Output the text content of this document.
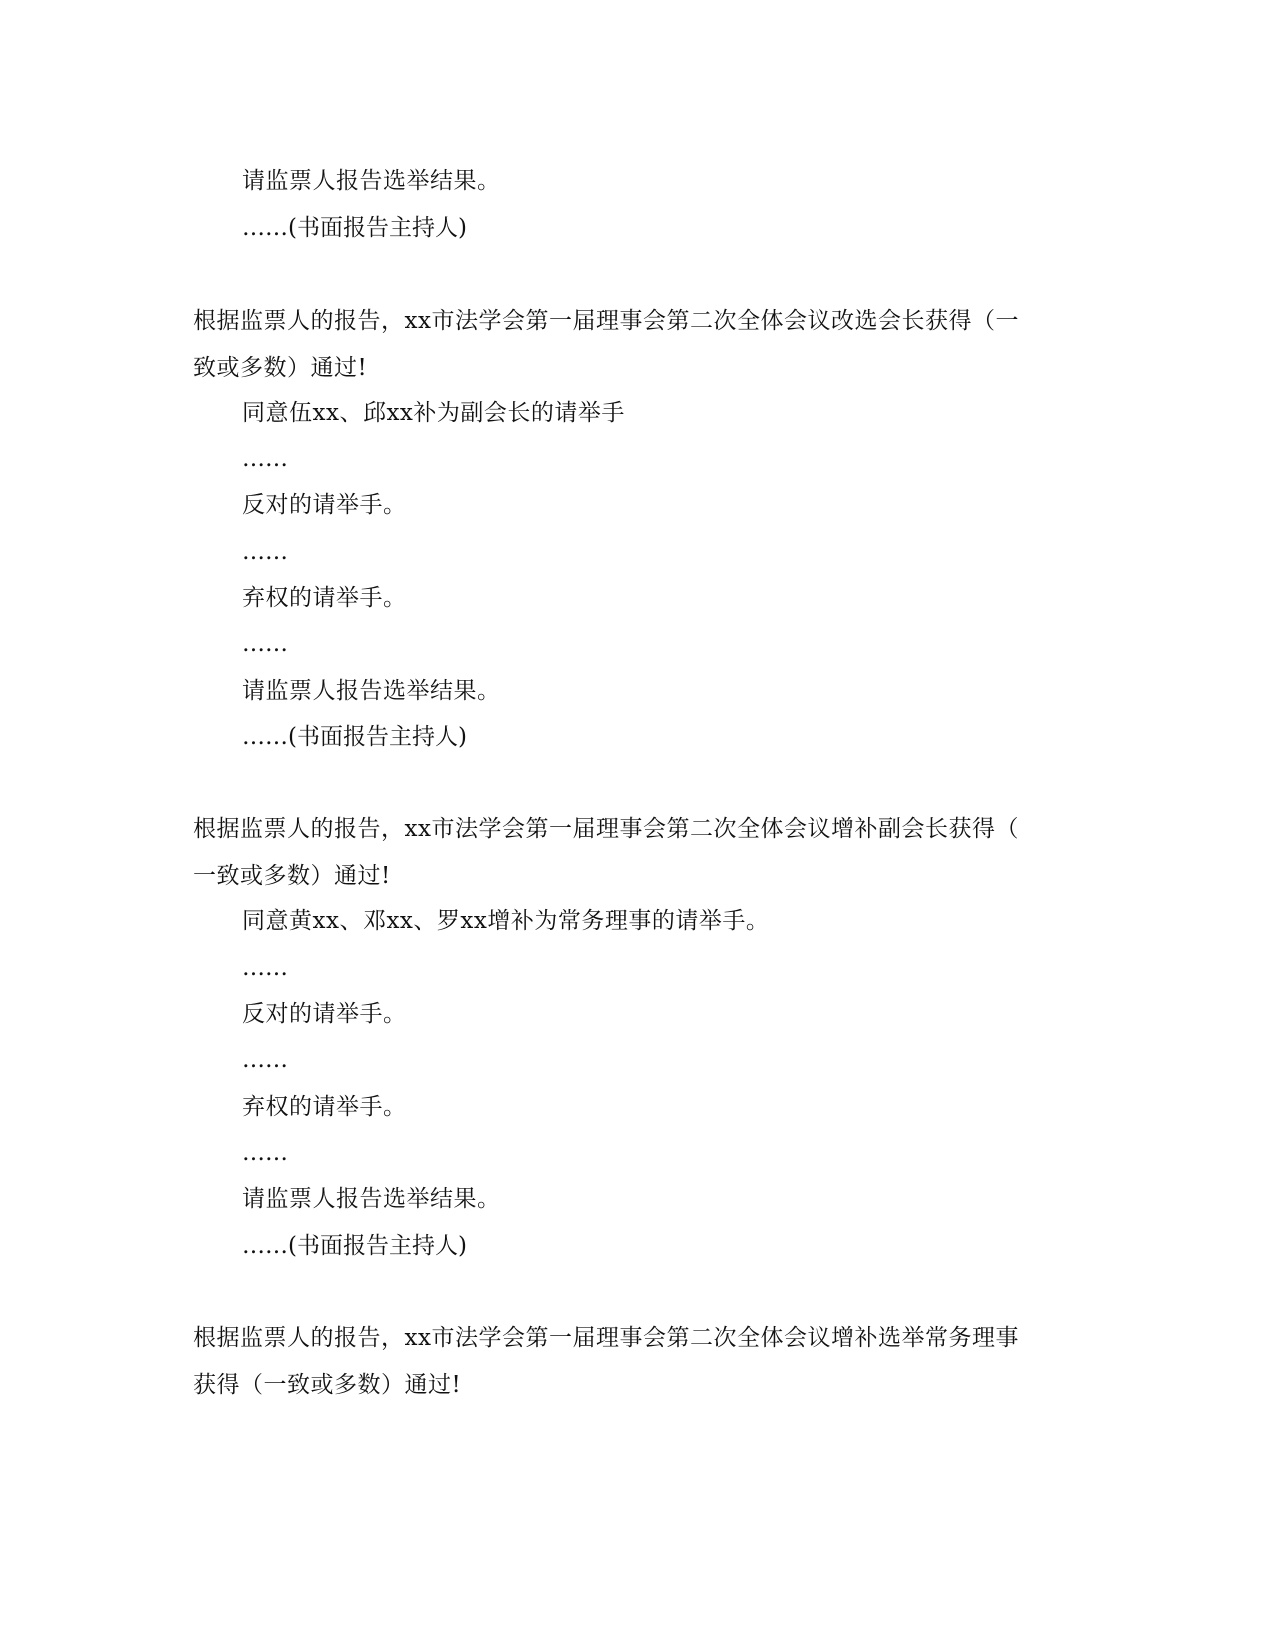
请监票人报告选举结果。
……(书面报告主持人)
根据监票人的报告，xx市法学会第一届理事会第二次全体会议改选会长获得（一
致或多数）通过!
同意伍xx、邱xx补为副会长的请举手
……
反对的请举手。
……
弃权的请举手。
……
请监票人报告选举结果。
……(书面报告主持人)
根据监票人的报告，xx市法学会第一届理事会第二次全体会议增补副会长获得（
一致或多数）通过!
同意黄xx、邓xx、罗xx增补为常务理事的请举手。
……
反对的请举手。
……
弃权的请举手。
……
请监票人报告选举结果。
……(书面报告主持人)
根据监票人的报告，xx市法学会第一届理事会第二次全体会议增补选举常务理事
获得（一致或多数）通过!
